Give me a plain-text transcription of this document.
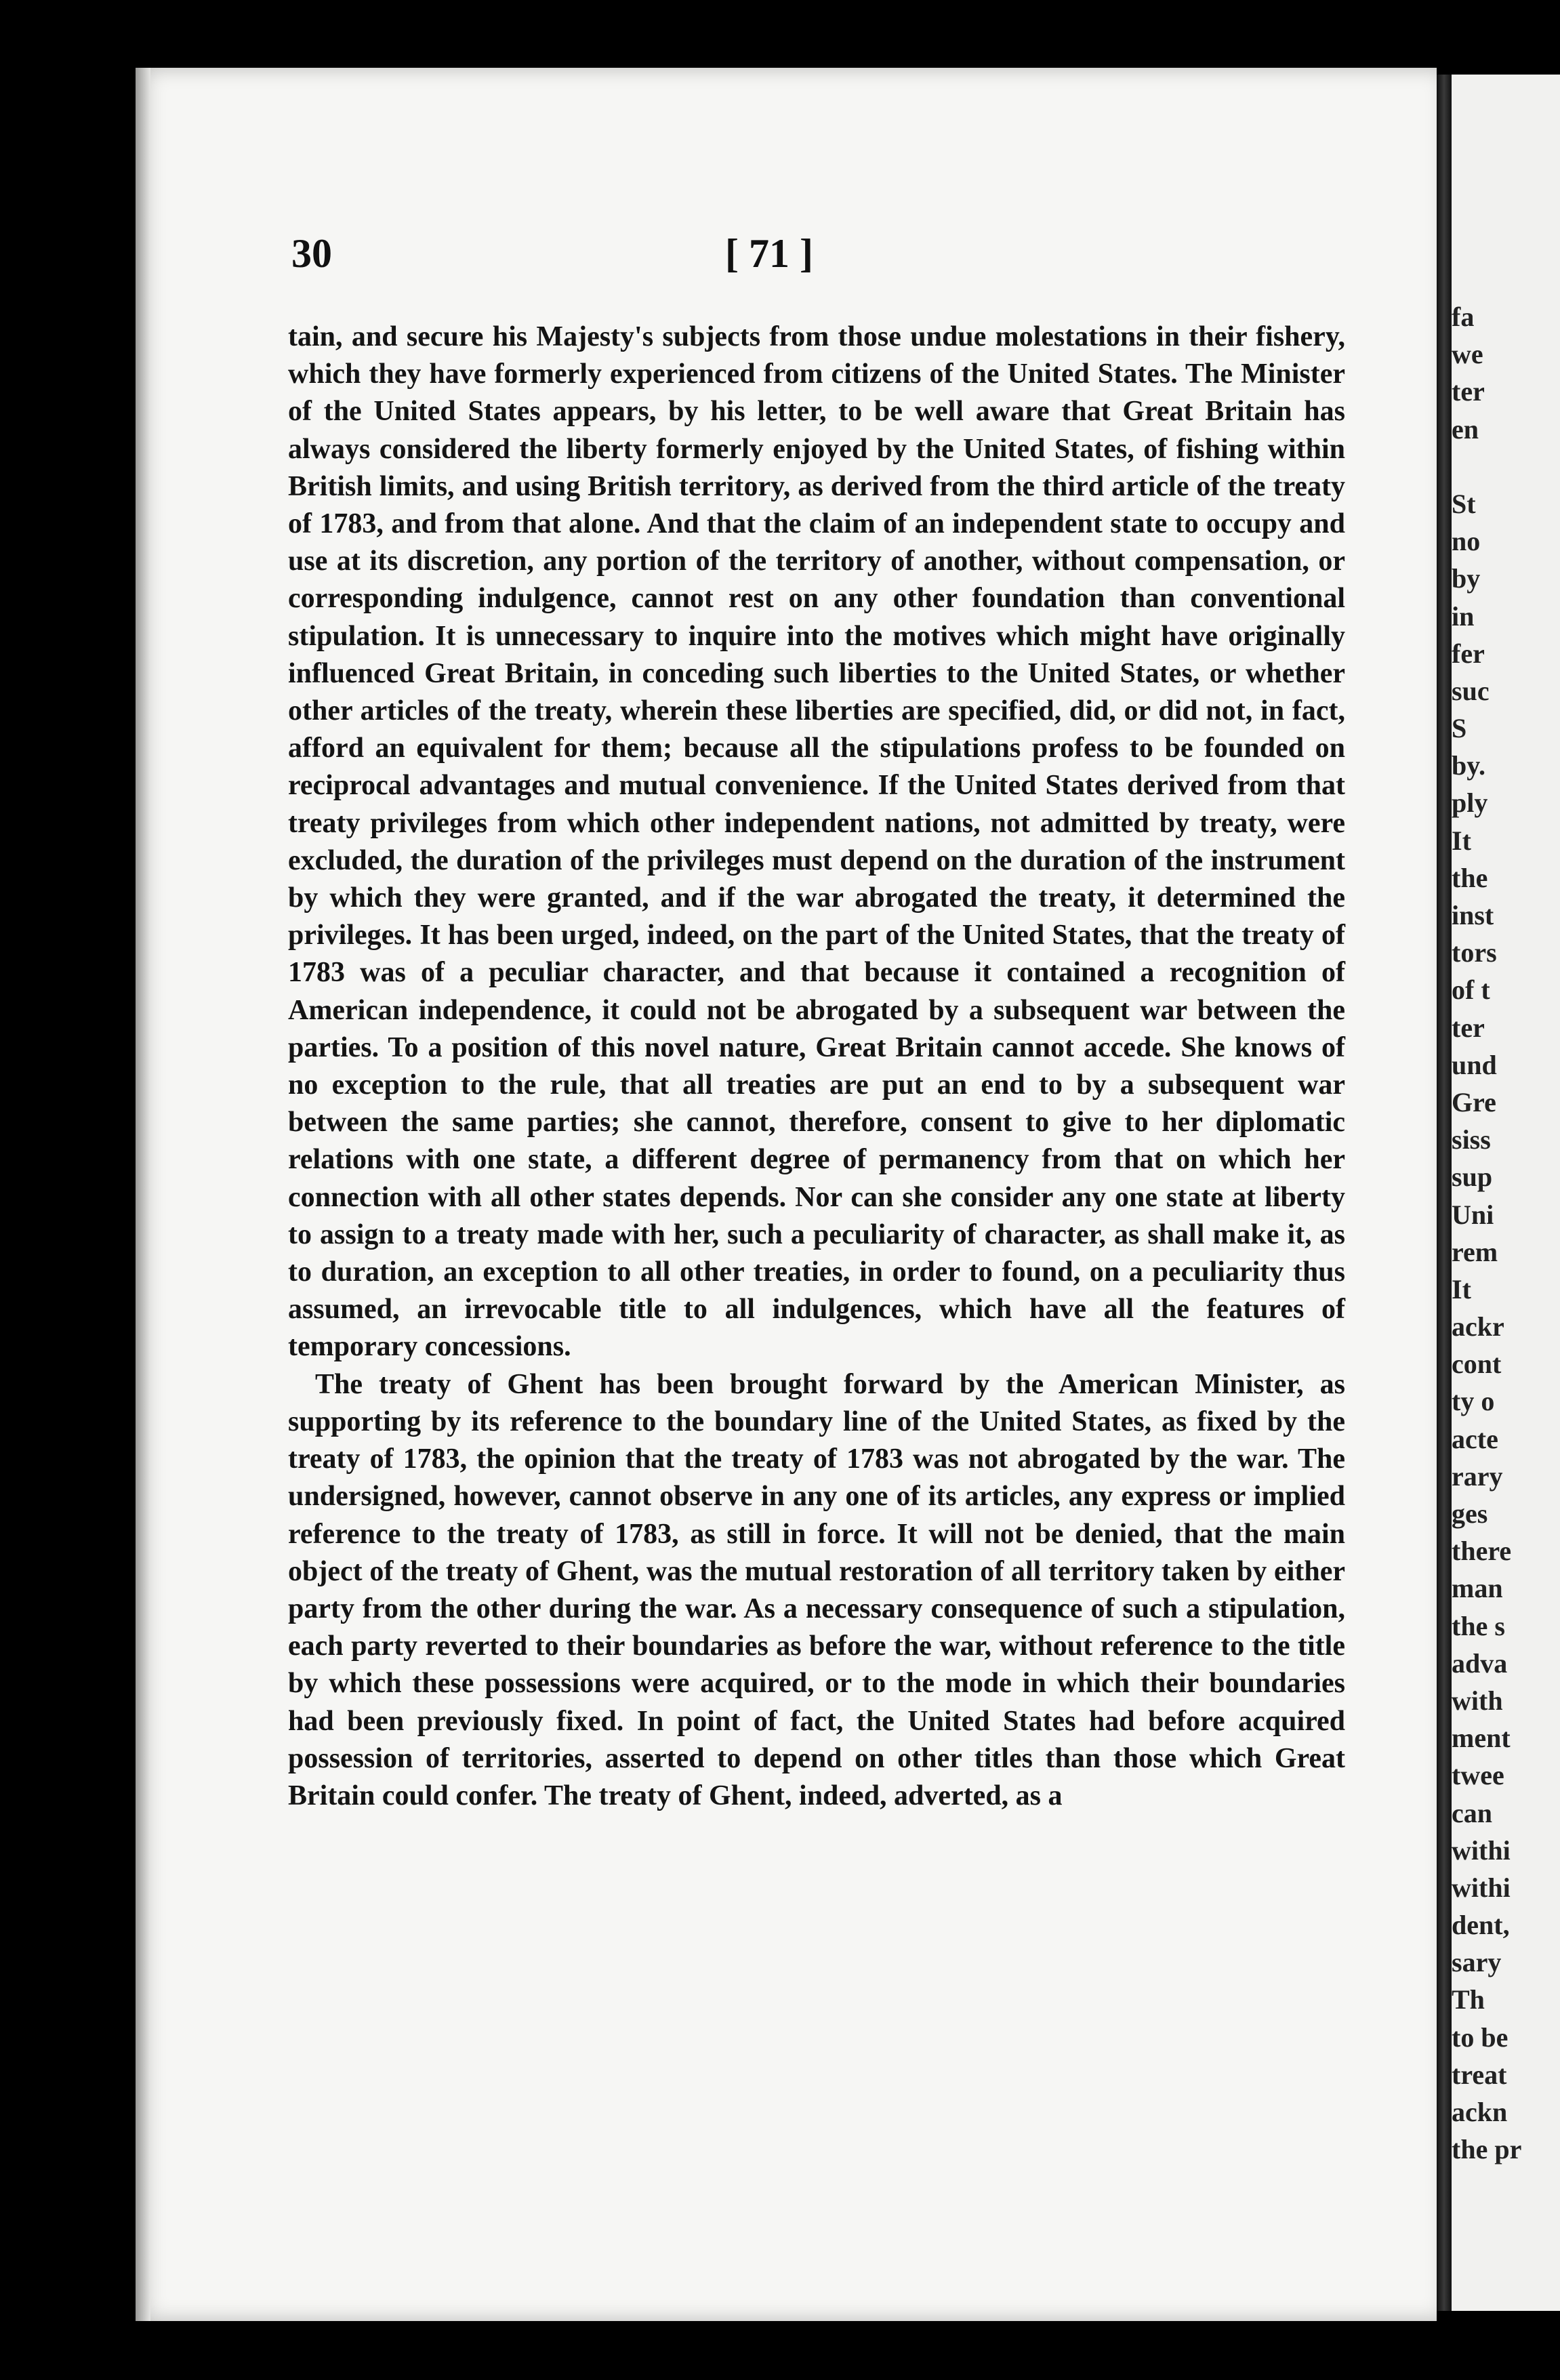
30	[ 71 ]

tain, and secure his Majesty's subjects from those undue molestations in their fishery, which they have formerly experienced from citizens of the United States. The Minister of the United States appears, by his letter, to be well aware that Great Britain has always considered the liberty formerly enjoyed by the United States, of fishing within British limits, and using British territory, as derived from the third article of the treaty of 1783, and from that alone. And that the claim of an independent state to occupy and use at its discretion, any portion of the territory of another, without compensation, or corresponding indulgence, cannot rest on any other foundation than conventional stipulation. It is unnecessary to inquire into the motives which might have originally influenced Great Britain, in conceding such liberties to the United States, or whether other articles of the treaty, wherein these liberties are specified, did, or did not, in fact, afford an equivalent for them; because all the stipulations profess to be founded on reciprocal advantages and mutual convenience. If the United States derived from that treaty privileges from which other independent nations, not admitted by treaty, were excluded, the duration of the privileges must depend on the duration of the instrument by which they were granted, and if the war abrogated the treaty, it determined the privileges. It has been urged, indeed, on the part of the United States, that the treaty of 1783 was of a peculiar character, and that because it contained a recognition of American independence, it could not be abrogated by a subsequent war between the parties. To a position of this novel nature, Great Britain cannot accede. She knows of no exception to the rule, that all treaties are put an end to by a subsequent war between the same parties; she cannot, therefore, consent to give to her diplomatic relations with one state, a different degree of permanency from that on which her connection with all other states depends. Nor can she consider any one state at liberty to assign to a treaty made with her, such a peculiarity of character, as shall make it, as to duration, an exception to all other treaties, in order to found, on a peculiarity thus assumed, an irrevocable title to all indulgences, which have all the features of temporary concessions.

The treaty of Ghent has been brought forward by the American Minister, as supporting by its reference to the boundary line of the United States, as fixed by the treaty of 1783, the opinion that the treaty of 1783 was not abrogated by the war. The undersigned, however, cannot observe in any one of its articles, any express or implied reference to the treaty of 1783, as still in force. It will not be denied, that the main object of the treaty of Ghent, was the mutual restoration of all territory taken by either party from the other during the war. As a necessary consequence of such a stipulation, each party reverted to their boundaries as before the war, without reference to the title by which these possessions were acquired, or to the mode in which their boundaries had been previously fixed. In point of fact, the United States had before acquired possession of territories, asserted to depend on other titles than those which Great Britain could confer. The treaty of Ghent, indeed, adverted, as a

fa
we
ter
en
St
no
by
in
fer
suc
S
by.
ply
It
the
inst
tors
of t
ter
und
Gre
siss
sup
Uni
rem
It
ackr
cont
ty o
acte
rary
ges
there
man
the s
adva
with
ment
twee
can
withi
withi
dent,
sary
Th
to be
treat
ackn
the pr
